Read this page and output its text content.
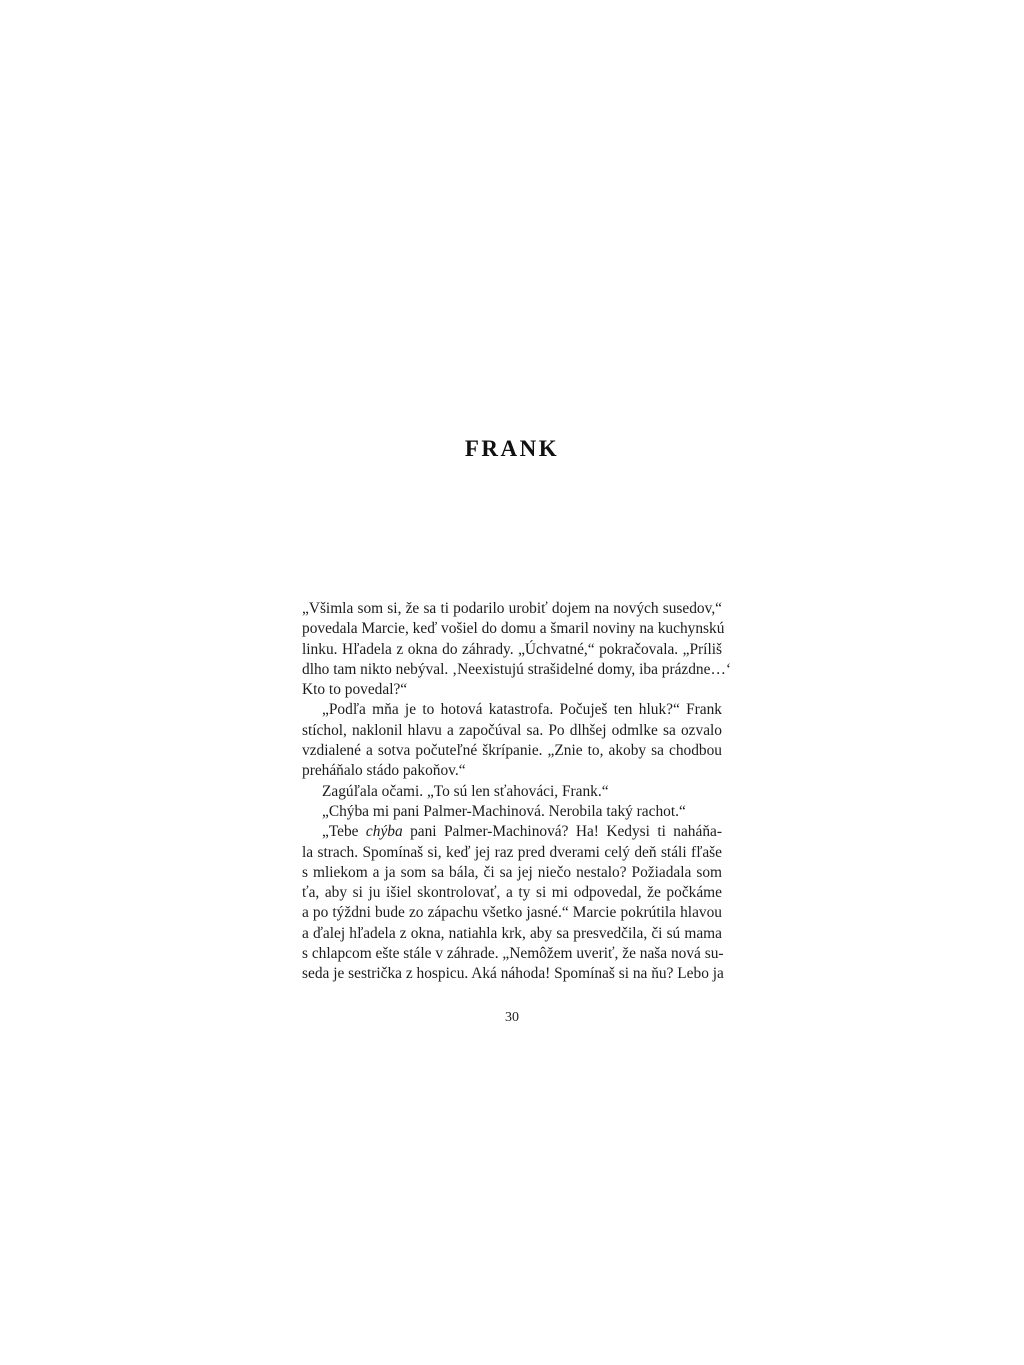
FRANK
„Všimla som si, že sa ti podarilo urobiť dojem na nových susedov,“
povedala Marcie, keď vošiel do domu a šmaril noviny na kuchynskú
linku. Hľadela z okna do záhrady. „Úchvatné,“ pokračovala. „Príliš
dlho tam nikto nebýval. ‚Neexistujú strašidelné domy, iba prázdne…‘
Kto to povedal?“
„Podľa mňa je to hotová katastrofa. Počuješ ten hluk?“ Frank
stíchol, naklonil hlavu a započúval sa. Po dlhšej odmlke sa ozvalo
vzdialené a sotva počuteľné škrípanie. „Znie to, akoby sa chodbou
preháňalo stádo pakoňov.“
Zagúľala očami. „To sú len sťahováci, Frank.“
„Chýba mi pani Palmer-Machinová. Nerobila taký rachot.“
„Tebe chýba pani Palmer-Machinová? Ha! Kedysi ti naháňa-
la strach. Spomínaš si, keď jej raz pred dverami celý deň stáli fľaše
s mliekom a ja som sa bála, či sa jej niečo nestalo? Požiadala som
ťa, aby si ju išiel skontrolovať, a ty si mi odpovedal, že počkáme
a po týždni bude zo zápachu všetko jasné.“ Marcie pokrútila hlavou
a ďalej hľadela z okna, natiahla krk, aby sa presvedčila, či sú mama
s chlapcom ešte stále v záhrade. „Nemôžem uveriť, že naša nová su-
seda je sestrička z hospicu. Aká náhoda! Spomínaš si na ňu? Lebo ja
30
